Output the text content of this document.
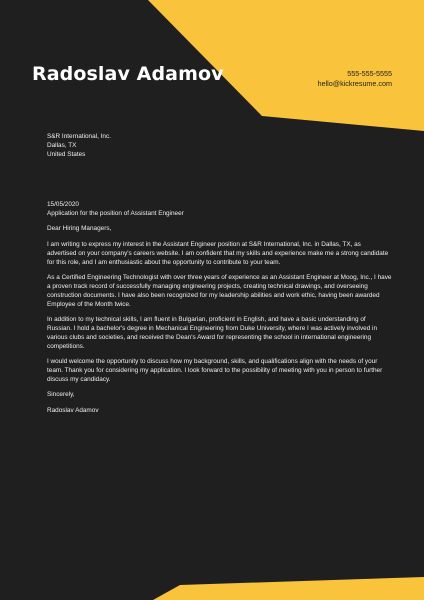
Radoslav Adamov	555-555-5555
hello@kickresume.com
S&R International, Inc.
Dallas, TX
United States

15/05/2020

Application for the position of Assistant Engineer

Dear Hiring Managers,

I am writing to express my interest in the Assistant Engineer position at S&R International, Inc. in Dallas, TX, as advertised on your company's careers website. I am confident that my skills and experience make me a strong candidate for this role, and I am enthusiastic about the opportunity to contribute to your team.

As a Certified Engineering Technologist with over three years of experience as an Assistant Engineer at Moog, Inc., I have a proven track record of successfully managing engineering projects, creating technical drawings, and overseeing construction documents. I have also been recognized for my leadership abilities and work ethic, having been awarded Employee of the Month twice.

In addition to my technical skills, I am fluent in Bulgarian, proficient in English, and have a basic understanding of Russian. I hold a bachelor's degree in Mechanical Engineering from Duke University, where I was actively involved in various clubs and societies, and received the Dean's Award for representing the school in international engineering competitions.

I would welcome the opportunity to discuss how my background, skills, and qualifications align with the needs of your team. Thank you for considering my application. I look forward to the possibility of meeting with you in person to further discuss my candidacy.

Sincerely,

Radoslav Adamov
